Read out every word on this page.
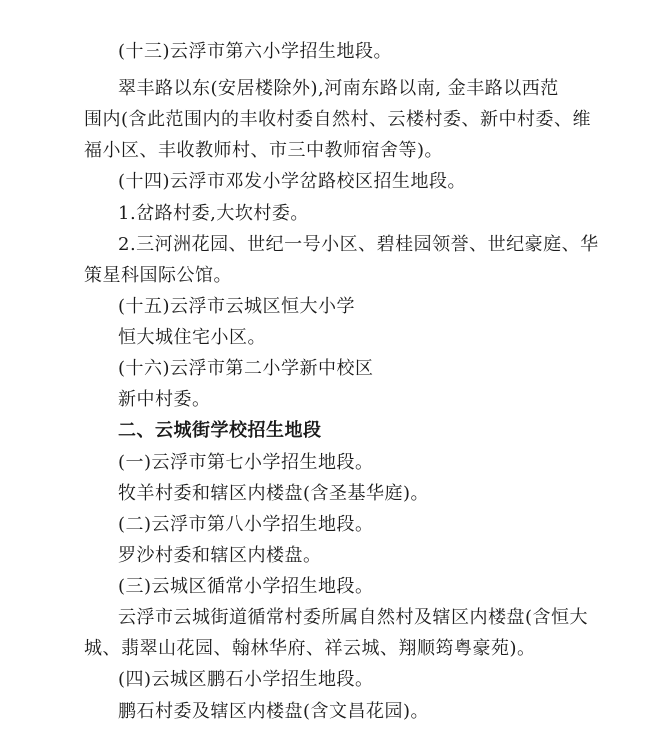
(十三)云浮市第六小学招生地段。
翠丰路以东(安居楼除外),河南东路以南, 金丰路以西范
围内(含此范围内的丰收村委自然村、云楼村委、新中村委、维
福小区、丰收教师村、市三中教师宿舍等)。
(十四)云浮市邓发小学岔路校区招生地段。
1.岔路村委,大坎村委。
2.三河洲花园、世纪一号小区、碧桂园领誉、世纪豪庭、华
策星科国际公馆。
(十五)云浮市云城区恒大小学
恒大城住宅小区。
(十六)云浮市第二小学新中校区
新中村委。
二、云城街学校招生地段
(一)云浮市第七小学招生地段。
牧羊村委和辖区内楼盘(含圣基华庭)。
(二)云浮市第八小学招生地段。
罗沙村委和辖区内楼盘。
(三)云城区循常小学招生地段。
云浮市云城街道循常村委所属自然村及辖区内楼盘(含恒大
城、翡翠山花园、翰林华府、祥云城、翔顺筠粤豪苑)。
(四)云城区鹏石小学招生地段。
鹏石村委及辖区内楼盘(含文昌花园)。
